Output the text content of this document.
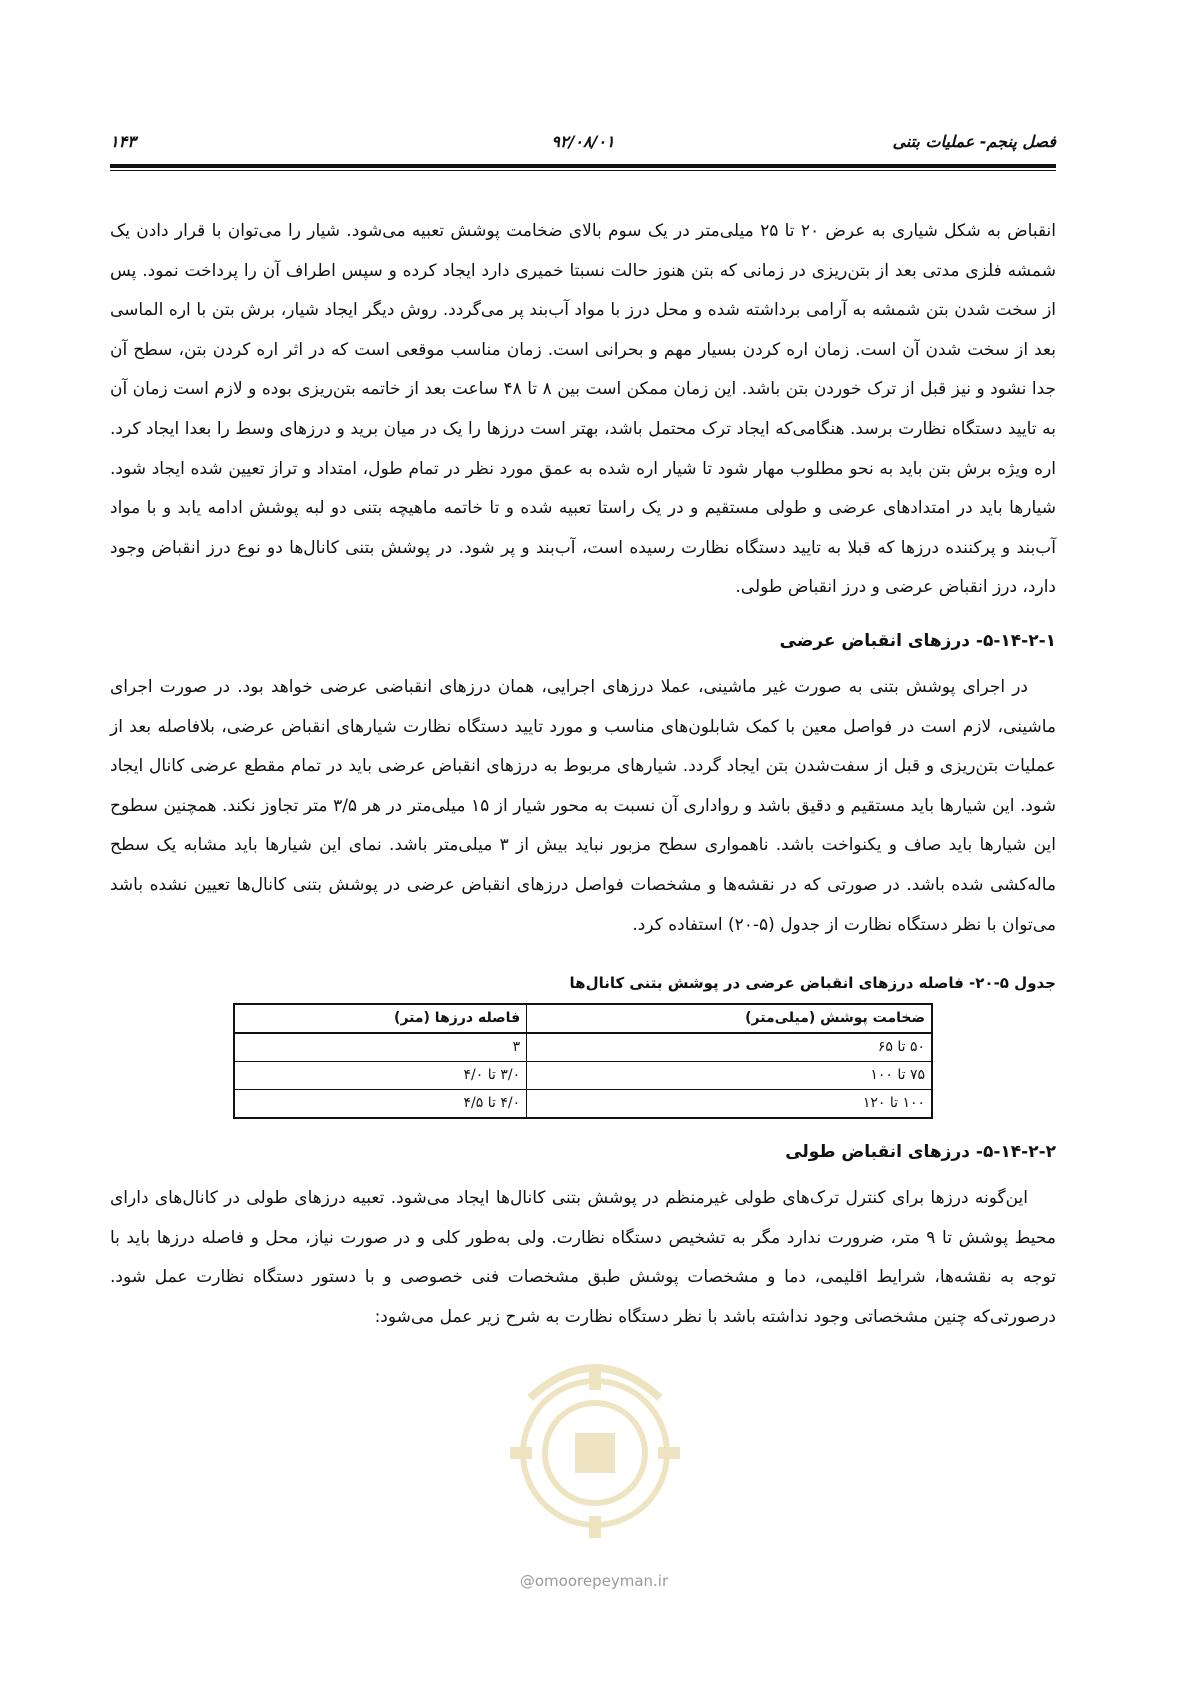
فصل پنجم- عملیات بتنی
۹۲/۰۸/۰۱
۱۴۳

انقباض به شکل شیاری به عرض ۲۰ تا ۲۵ میلی‌متر در یک سوم بالای ضخامت پوشش تعبیه می‌شود. شیار را می‌توان با قرار دادن یک شمشه فلزی مدتی بعد از بتن‌ریزی در زمانی که بتن هنوز حالت نسبتا خمیری دارد ایجاد کرده و سپس اطراف آن را پرداخت نمود. پس از سخت شدن بتن شمشه به آرامی برداشته شده و محل درز با مواد آب‌بند پر می‌گردد. روش دیگر ایجاد شیار، برش بتن با اره الماسی بعد از سخت شدن آن است. زمان اره کردن بسیار مهم و بحرانی است. زمان مناسب موقعی است که در اثر اره کردن بتن، سطح آن جدا نشود و نیز قبل از ترک خوردن بتن باشد. این زمان ممکن است بین ۸ تا ۴۸ ساعت بعد از خاتمه بتن‌ریزی بوده و لازم است زمان آن به تایید دستگاه نظارت برسد. هنگامی‌که ایجاد ترک محتمل باشد، بهتر است درزها را یک در میان برید و درزهای وسط را بعدا ایجاد کرد. اره ویژه برش بتن باید به نحو مطلوب مهار شود تا شیار اره شده به عمق مورد نظر در تمام طول، امتداد و تراز تعیین شده ایجاد شود. شیارها باید در امتدادهای عرضی و طولی مستقیم و در یک راستا تعبیه شده و تا خاتمه ماهیچه بتنی دو لبه پوشش ادامه یابد و با مواد آب‌بند و پرکننده درزها که قبلا به تایید دستگاه نظارت رسیده است، آب‌بند و پر شود. در پوشش بتنی کانال‌ها دو نوع درز انقباض وجود دارد، درز انقباض عرضی و درز انقباض طولی.

۵-۱۴-۲-۱- درزهای انقباض عرضی

در اجرای پوشش بتنی به صورت غیر ماشینی، عملا درزهای اجرایی، همان درزهای انقباضی عرضی خواهد بود. در صورت اجرای ماشینی، لازم است در فواصل معین با کمک شابلون‌های مناسب و مورد تایید دستگاه نظارت شیارهای انقباض عرضی، بلافاصله بعد از عملیات بتن‌ریزی و قبل از سفت‌شدن بتن ایجاد گردد. شیارهای مربوط به درزهای انقباض عرضی باید در تمام مقطع عرضی کانال ایجاد شود. این شیارها باید مستقیم و دقیق باشد و رواداری آن نسبت به محور شیار از ۱۵ میلی‌متر در هر ۳/۵ متر تجاوز نکند. همچنین سطوح این شیارها باید صاف و یکنواخت باشد. ناهمواری سطح مزبور نباید بیش از ۳ میلی‌متر باشد. نمای این شیارها باید مشابه یک سطح ماله‌کشی شده باشد. در صورتی که در نقشه‌ها و مشخصات فواصل درزهای انقباض عرضی در پوشش بتنی کانال‌ها تعیین نشده باشد می‌توان با نظر دستگاه نظارت از جدول (۵-۲۰) استفاده کرد.

جدول ۵-۲۰- فاصله درزهای انقباض عرضی در پوشش بتنی کانال‌ها
ضخامت پوشش (میلی‌متر)	فاصله درزها (متر)
۵۰ تا ۶۵	۳
۷۵ تا ۱۰۰	۳/۰ تا ۴/۰
۱۰۰ تا ۱۲۰	۴/۰ تا ۴/۵
۵-۱۴-۲-۲- درزهای انقباض طولی

این‌گونه درزها برای کنترل ترک‌های طولی غیرمنظم در پوشش بتنی کانال‌ها ایجاد می‌شود. تعبیه درزهای طولی در کانال‌های دارای محیط پوشش تا ۹ متر، ضرورت ندارد مگر به تشخیص دستگاه نظارت. ولی به‌طور کلی و در صورت نیاز، محل و فاصله درزها باید با توجه به نقشه‌ها، شرایط اقلیمی، دما و مشخصات پوشش طبق مشخصات فنی خصوصی و با دستور دستگاه نظارت عمل شود. درصورتی‌که چنین مشخصاتی وجود نداشته باشد با نظر دستگاه نظارت به شرح زیر عمل می‌شود:

@omoorepeyman.ir
